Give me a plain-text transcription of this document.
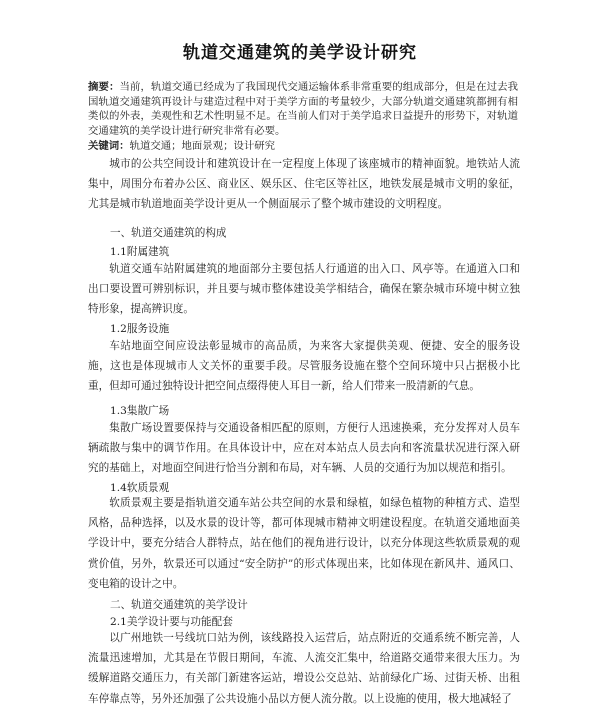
轨道交通建筑的美学设计研究
摘要：当前，轨道交通已经成为了我国现代交通运输体系非常重要的组成部分，但是在过去我国轨道交通建筑再设计与建造过程中对于美学方面的考量较少，大部分轨道交通建筑都拥有相类似的外表，美观性和艺术性明显不足。在当前人们对于美学追求日益提升的形势下，对轨道交通建筑的美学设计进行研究非常有必要。
关键词：轨道交通；地面景观；设计研究
城市的公共空间设计和建筑设计在一定程度上体现了该座城市的精神面貌。地铁站人流集中，周围分布着办公区、商业区、娱乐区、住宅区等社区，地铁发展是城市文明的象征，尤其是城市轨道地面美学设计更从一个侧面展示了整个城市建设的文明程度。
一、轨道交通建筑的构成
1.1附属建筑
轨道交通车站附属建筑的地面部分主要包括人行通道的出入口、风亭等。在通道入口和出口要设置可辨别标识，并且要与城市整体建设美学相结合，确保在繁杂城市环境中树立独特形象，提高辨识度。
1.2服务设施
车站地面空间应设法彰显城市的高品质，为来客大家提供美观、便捷、安全的服务设施，这也是体现城市人文关怀的重要手段。尽管服务设施在整个空间环境中只占据极小比重，但却可通过独特设计把空间点缀得使人耳目一新，给人们带来一股清新的气息。
1.3集散广场
集散广场设置要保持与交通设备相匹配的原则，方便行人迅速换乘，充分发挥对人员车辆疏散与集中的调节作用。在具体设计中，应在对本站点人员去向和客流量状况进行深入研究的基础上，对地面空间进行恰当分割和布局，对车辆、人员的交通行为加以规范和指引。
1.4软质景观
软质景观主要是指轨道交通车站公共空间的水景和绿植，如绿色植物的种植方式、造型风格，品种选择，以及水景的设计等，都可体现城市精神文明建设程度。在轨道交通地面美学设计中，要充分结合人群特点，站在他们的视角进行设计，以充分体现这些软质景观的观赏价值，另外，软景还可以通过“安全防护”的形式体现出来，比如体现在新风井、通风口、变电箱的设计之中。
二、轨道交通建筑的美学设计
2.1美学设计要与功能配套
以广州地铁一号线坑口站为例，该线路投入运营后，站点附近的交通系统不断完善，人流量迅速增加，尤其是在节假日期间，车流、人流交汇集中，给道路交通带来很大压力。为缓解道路交通压力，有关部门新建客运站，增设公交总站、站前绿化广场、过街天桥、出租车停靠点等，另外还加强了公共设施小品以方便人流分散。以上设施的使用，极大地减轻了
